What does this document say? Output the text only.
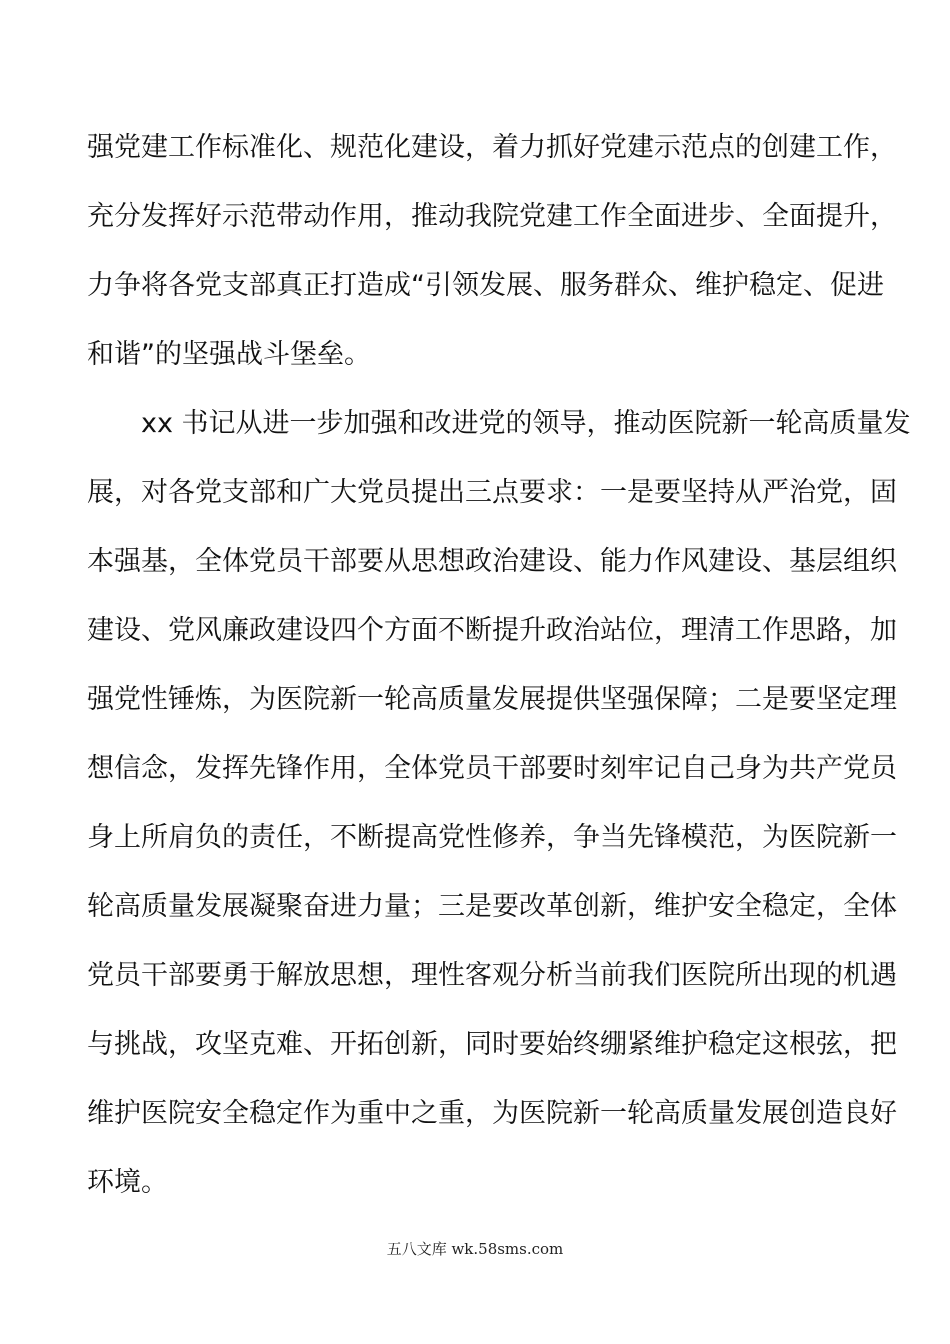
强党建工作标准化、规范化建设，着力抓好党建示范点的创建工作，
充分发挥好示范带动作用，推动我院党建工作全面进步、全面提升，
力争将各党支部真正打造成“引领发展、服务群众、维护稳定、促进
和谐”的坚强战斗堡垒。
xx 书记从进一步加强和改进党的领导，推动医院新一轮高质量发
展，对各党支部和广大党员提出三点要求：一是要坚持从严治党，固
本强基，全体党员干部要从思想政治建设、能力作风建设、基层组织
建设、党风廉政建设四个方面不断提升政治站位，理清工作思路，加
强党性锤炼，为医院新一轮高质量发展提供坚强保障；二是要坚定理
想信念，发挥先锋作用，全体党员干部要时刻牢记自己身为共产党员
身上所肩负的责任，不断提高党性修养，争当先锋模范，为医院新一
轮高质量发展凝聚奋进力量；三是要改革创新，维护安全稳定，全体
党员干部要勇于解放思想，理性客观分析当前我们医院所出现的机遇
与挑战，攻坚克难、开拓创新，同时要始终绷紧维护稳定这根弦，把
维护医院安全稳定作为重中之重，为医院新一轮高质量发展创造良好
环境。
五八文库 wk.58sms.com
